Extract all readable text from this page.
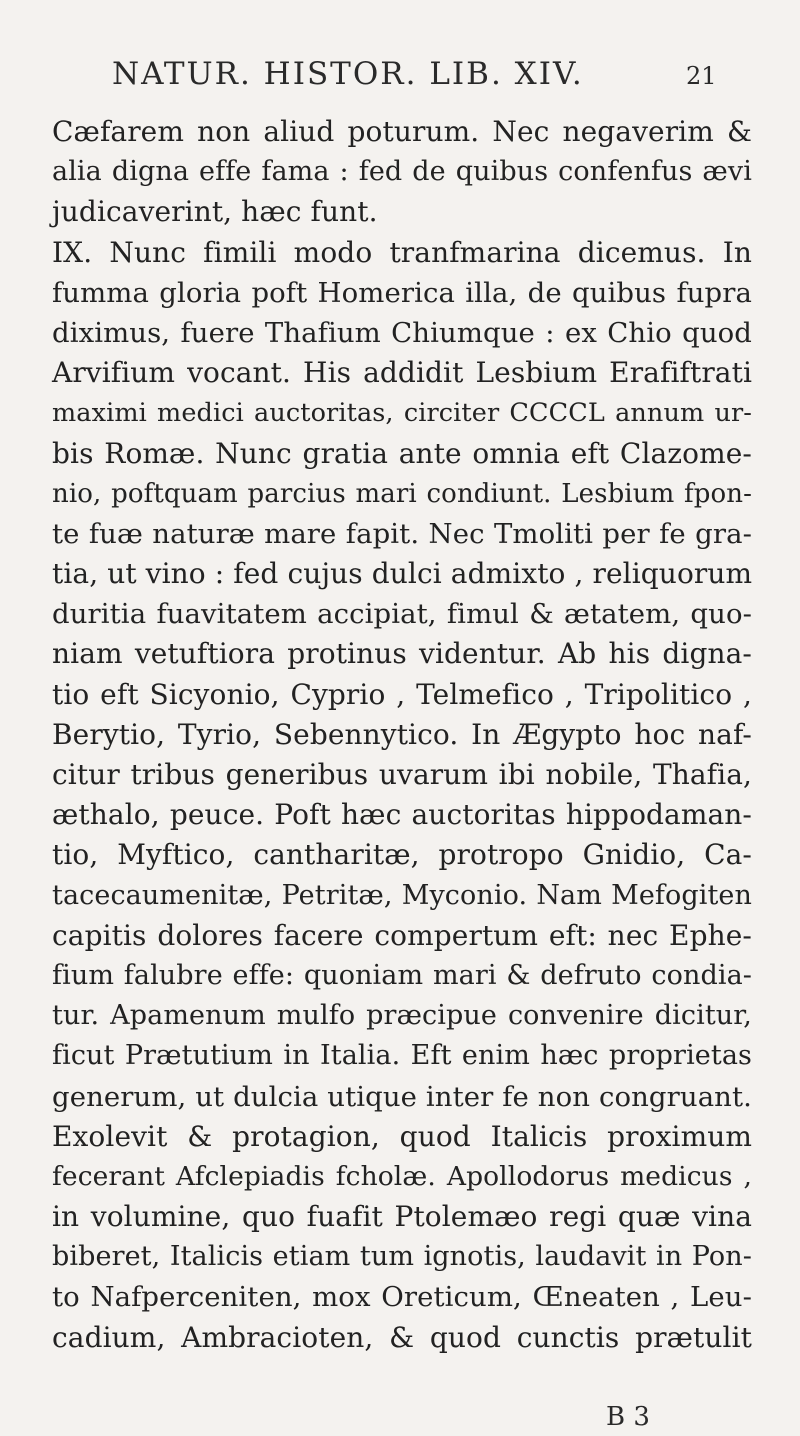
NATUR. HISTOR. LIB. XIV.	21
Cæfarem non aliud poturum. Nec negaverim &
alia digna effe fama : fed de quibus confenfus ævi
judicaverint, hæc funt.
IX. Nunc fimili modo tranfmarina dicemus. In
fumma gloria poft Homerica illa, de quibus fupra
diximus, fuere Thafium Chiumque : ex Chio quod
Arvifium vocant. His addidit Lesbium Erafiftrati
maximi medici auctoritas, circiter CCCCL annum ur-
bis Romæ. Nunc gratia ante omnia eft Clazome-
nio, poftquam parcius mari condiunt. Lesbium fpon-
te fuæ naturæ mare fapit. Nec Tmoliti per fe gra-
tia, ut vino : fed cujus dulci admixto , reliquorum
duritia fuavitatem accipiat, fimul & ætatem, quo-
niam vetuftiora protinus videntur. Ab his digna-
tio eft Sicyonio, Cyprio , Telmefico , Tripolitico ,
Berytio, Tyrio, Sebennytico. In Ægypto hoc naf-
citur tribus generibus uvarum ibi nobile, Thafia,
æthalo, peuce. Poft hæc auctoritas hippodaman-
tio, Myftico, cantharitæ, protropo Gnidio, Ca-
tacecaumenitæ, Petritæ, Myconio. Nam Mefogiten
capitis dolores facere compertum eft: nec Ephe-
fium falubre effe: quoniam mari & defruto condia-
tur. Apamenum mulfo præcipue convenire dicitur,
ficut Prætutium in Italia. Eft enim hæc proprietas
generum, ut dulcia utique inter fe non congruant.
Exolevit & protagion, quod Italicis proximum
fecerant Afclepiadis fcholæ. Apollodorus medicus ,
in volumine, quo fuafit Ptolemæo regi quæ vina
biberet, Italicis etiam tum ignotis, laudavit in Pon-
to Nafperceniten, mox Oreticum, Œneaten , Leu-
cadium, Ambracioten, & quod cunctis prætulit
B 3
